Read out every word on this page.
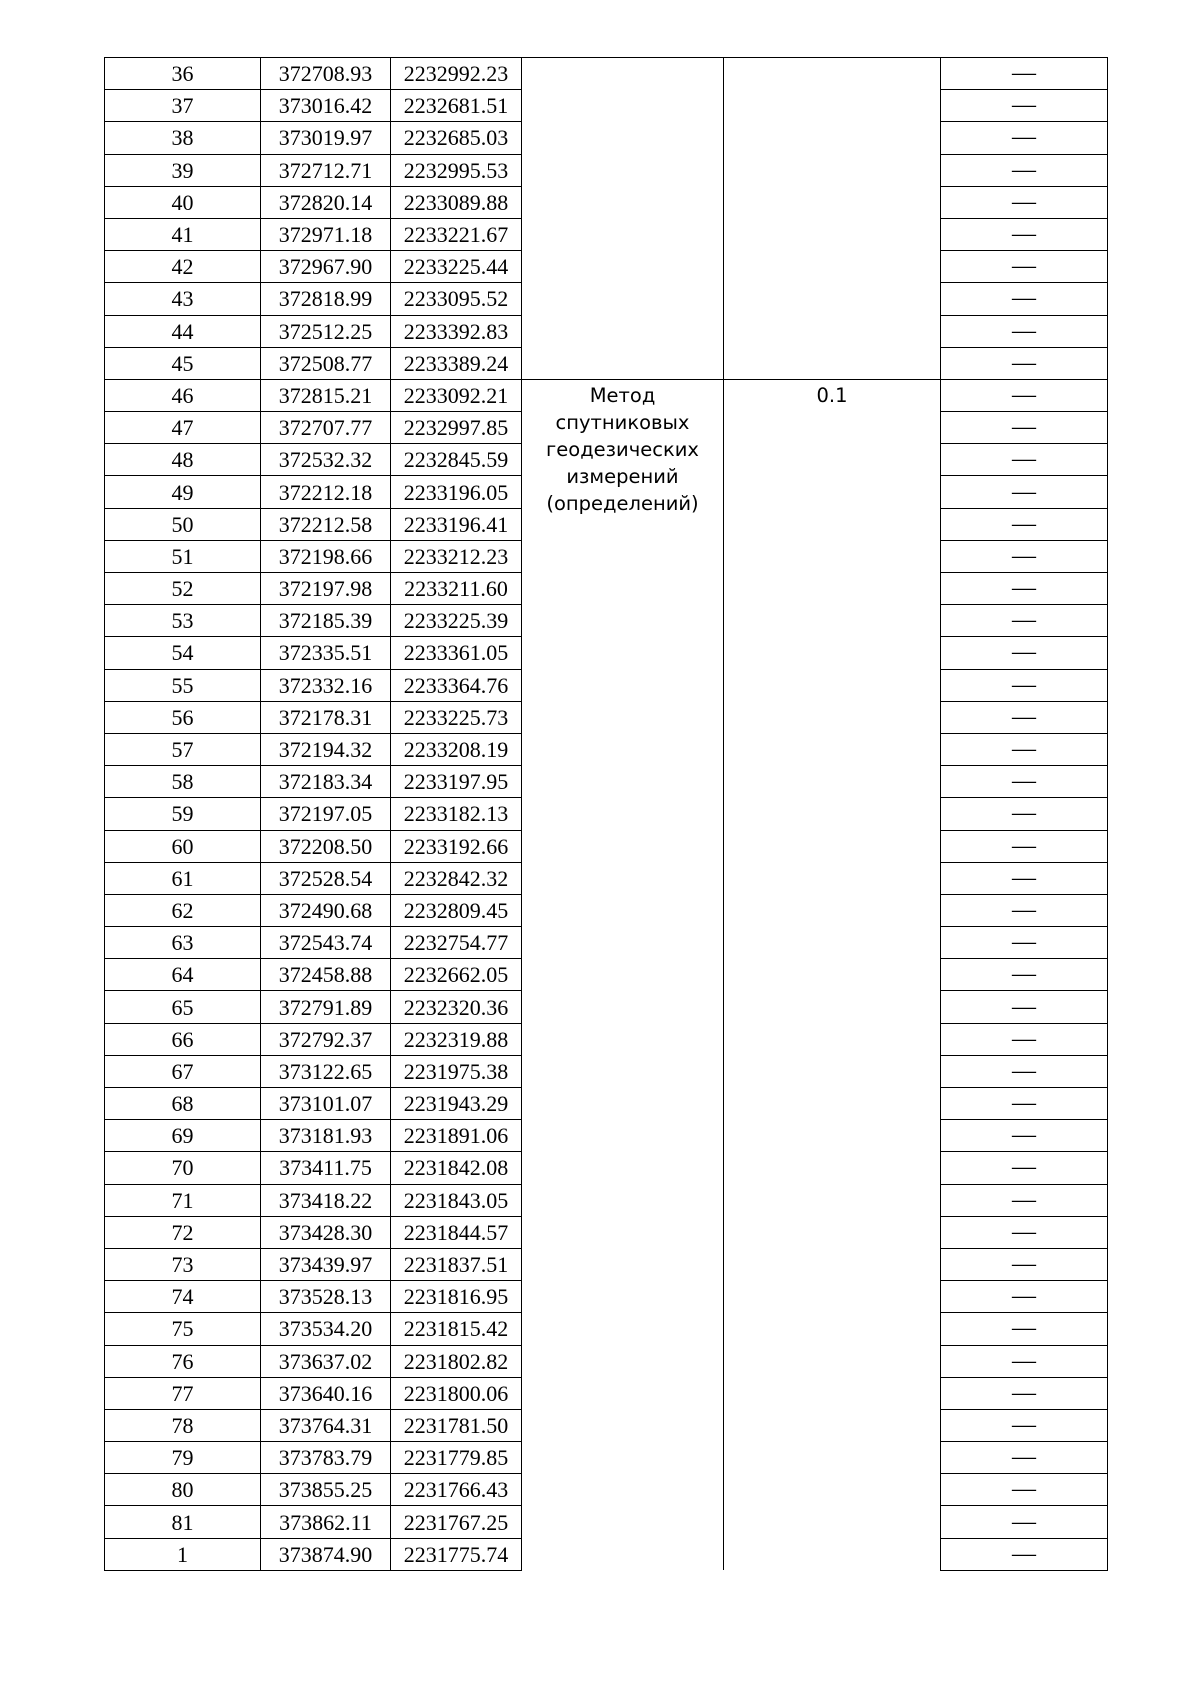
36	372708.93	2232992.23			—
37	373016.42	2232681.51			—
38	373019.97	2232685.03			—
39	372712.71	2232995.53			—
40	372820.14	2233089.88			—
41	372971.18	2233221.67			—
42	372967.90	2233225.44			—
43	372818.99	2233095.52			—
44	372512.25	2233392.83			—
45	372508.77	2233389.24			—
46	372815.21	2233092.21	Метод спутниковых геодезических измерений (определений)	0.1	—
47	372707.77	2232997.85			—
48	372532.32	2232845.59			—
49	372212.18	2233196.05			—
50	372212.58	2233196.41			—
51	372198.66	2233212.23			—
52	372197.98	2233211.60			—
53	372185.39	2233225.39			—
54	372335.51	2233361.05			—
55	372332.16	2233364.76			—
56	372178.31	2233225.73			—
57	372194.32	2233208.19			—
58	372183.34	2233197.95			—
59	372197.05	2233182.13			—
60	372208.50	2233192.66			—
61	372528.54	2232842.32			—
62	372490.68	2232809.45			—
63	372543.74	2232754.77			—
64	372458.88	2232662.05			—
65	372791.89	2232320.36			—
66	372792.37	2232319.88			—
67	373122.65	2231975.38			—
68	373101.07	2231943.29			—
69	373181.93	2231891.06			—
70	373411.75	2231842.08			—
71	373418.22	2231843.05			—
72	373428.30	2231844.57			—
73	373439.97	2231837.51			—
74	373528.13	2231816.95			—
75	373534.20	2231815.42			—
76	373637.02	2231802.82			—
77	373640.16	2231800.06			—
78	373764.31	2231781.50			—
79	373783.79	2231779.85			—
80	373855.25	2231766.43			—
81	373862.11	2231767.25			—
1	373874.90	2231775.74			—
